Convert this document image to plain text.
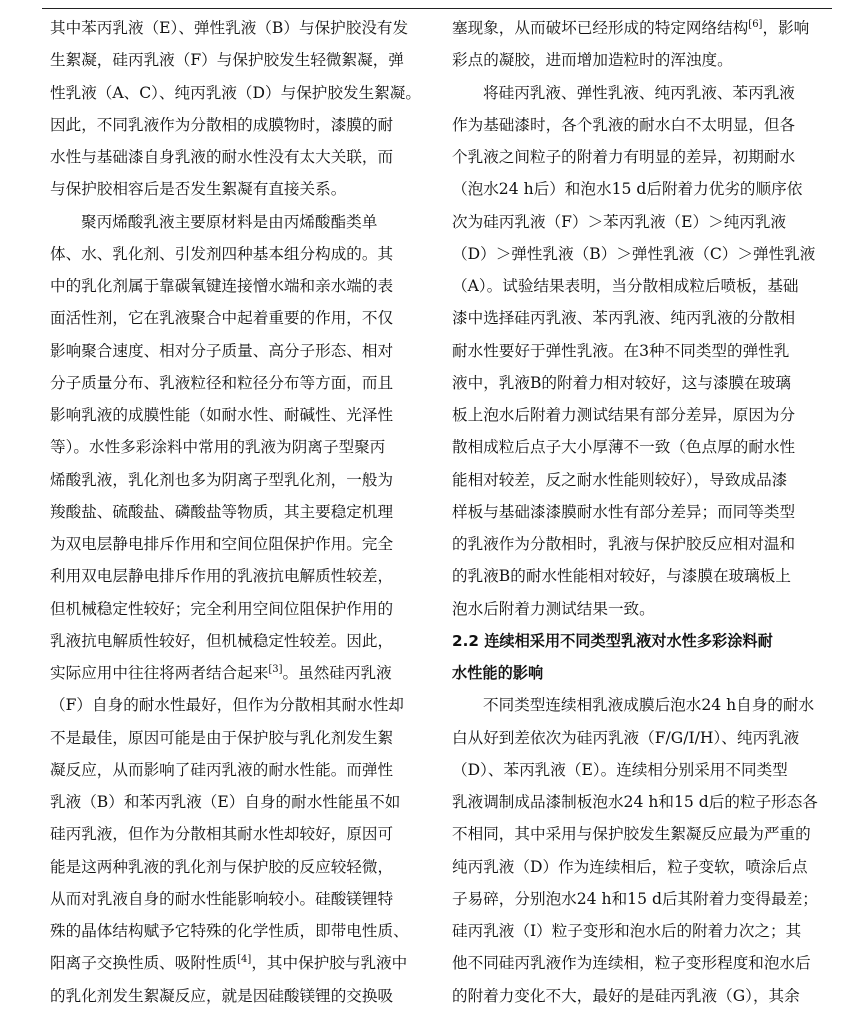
其中苯丙乳液（E）、弹性乳液（B）与保护胶没有发
生絮凝，硅丙乳液（F）与保护胶发生轻微絮凝，弹
性乳液（A、C）、纯丙乳液（D）与保护胶发生絮凝。
因此，不同乳液作为分散相的成膜物时，漆膜的耐
水性与基础漆自身乳液的耐水性没有太大关联，而
与保护胶相容后是否发生絮凝有直接关系。
聚丙烯酸乳液主要原材料是由丙烯酸酯类单
体、水、乳化剂、引发剂四种基本组分构成的。其
中的乳化剂属于靠碳氧键连接憎水端和亲水端的表
面活性剂，它在乳液聚合中起着重要的作用，不仅
影响聚合速度、相对分子质量、高分子形态、相对
分子质量分布、乳液粒径和粒径分布等方面，而且
影响乳液的成膜性能（如耐水性、耐碱性、光泽性
等）。水性多彩涂料中常用的乳液为阴离子型聚丙
烯酸乳液，乳化剂也多为阴离子型乳化剂，一般为
羧酸盐、硫酸盐、磷酸盐等物质，其主要稳定机理
为双电层静电排斥作用和空间位阻保护作用。完全
利用双电层静电排斥作用的乳液抗电解质性较差，
但机械稳定性较好；完全利用空间位阻保护作用的
乳液抗电解质性较好，但机械稳定性较差。因此，
实际应用中往往将两者结合起来[3]。虽然硅丙乳液
（F）自身的耐水性最好，但作为分散相其耐水性却
不是最佳，原因可能是由于保护胶与乳化剂发生絮
凝反应，从而影响了硅丙乳液的耐水性能。而弹性
乳液（B）和苯丙乳液（E）自身的耐水性能虽不如
硅丙乳液，但作为分散相其耐水性却较好，原因可
能是这两种乳液的乳化剂与保护胶的反应较轻微，
从而对乳液自身的耐水性能影响较小。硅酸镁锂特
殊的晶体结构赋予它特殊的化学性质，即带电性质、
阳离子交换性质、吸附性质[4]，其中保护胶与乳液中
的乳化剂发生絮凝反应，就是因硅酸镁锂的交换吸
塞现象，从而破坏已经形成的特定网络结构[6]，影响
彩点的凝胶，进而增加造粒时的浑浊度。
将硅丙乳液、弹性乳液、纯丙乳液、苯丙乳液
作为基础漆时，各个乳液的耐水白不太明显，但各
个乳液之间粒子的附着力有明显的差异，初期耐水
（泡水24 h后）和泡水15 d后附着力优劣的顺序依
次为硅丙乳液（F）＞苯丙乳液（E）＞纯丙乳液
（D）＞弹性乳液（B）＞弹性乳液（C）＞弹性乳液
（A）。试验结果表明，当分散相成粒后喷板，基础
漆中选择硅丙乳液、苯丙乳液、纯丙乳液的分散相
耐水性要好于弹性乳液。在3种不同类型的弹性乳
液中，乳液B的附着力相对较好，这与漆膜在玻璃
板上泡水后附着力测试结果有部分差异，原因为分
散相成粒后点子大小厚薄不一致（色点厚的耐水性
能相对较差，反之耐水性能则较好），导致成品漆
样板与基础漆漆膜耐水性有部分差异；而同等类型
的乳液作为分散相时，乳液与保护胶反应相对温和
的乳液B的耐水性能相对较好，与漆膜在玻璃板上
泡水后附着力测试结果一致。
2.2 连续相采用不同类型乳液对水性多彩涂料耐
水性能的影响
不同类型连续相乳液成膜后泡水24 h自身的耐水
白从好到差依次为硅丙乳液（F/G/I/H）、纯丙乳液
（D）、苯丙乳液（E）。连续相分别采用不同类型
乳液调制成品漆制板泡水24 h和15 d后的粒子形态各
不相同，其中采用与保护胶发生絮凝反应最为严重的
纯丙乳液（D）作为连续相后，粒子变软，喷涂后点
子易碎，分别泡水24 h和15 d后其附着力变得最差；
硅丙乳液（I）粒子变形和泡水后的附着力次之；其
他不同硅丙乳液作为连续相，粒子变形程度和泡水后
的附着力变化不大，最好的是硅丙乳液（G），其余
